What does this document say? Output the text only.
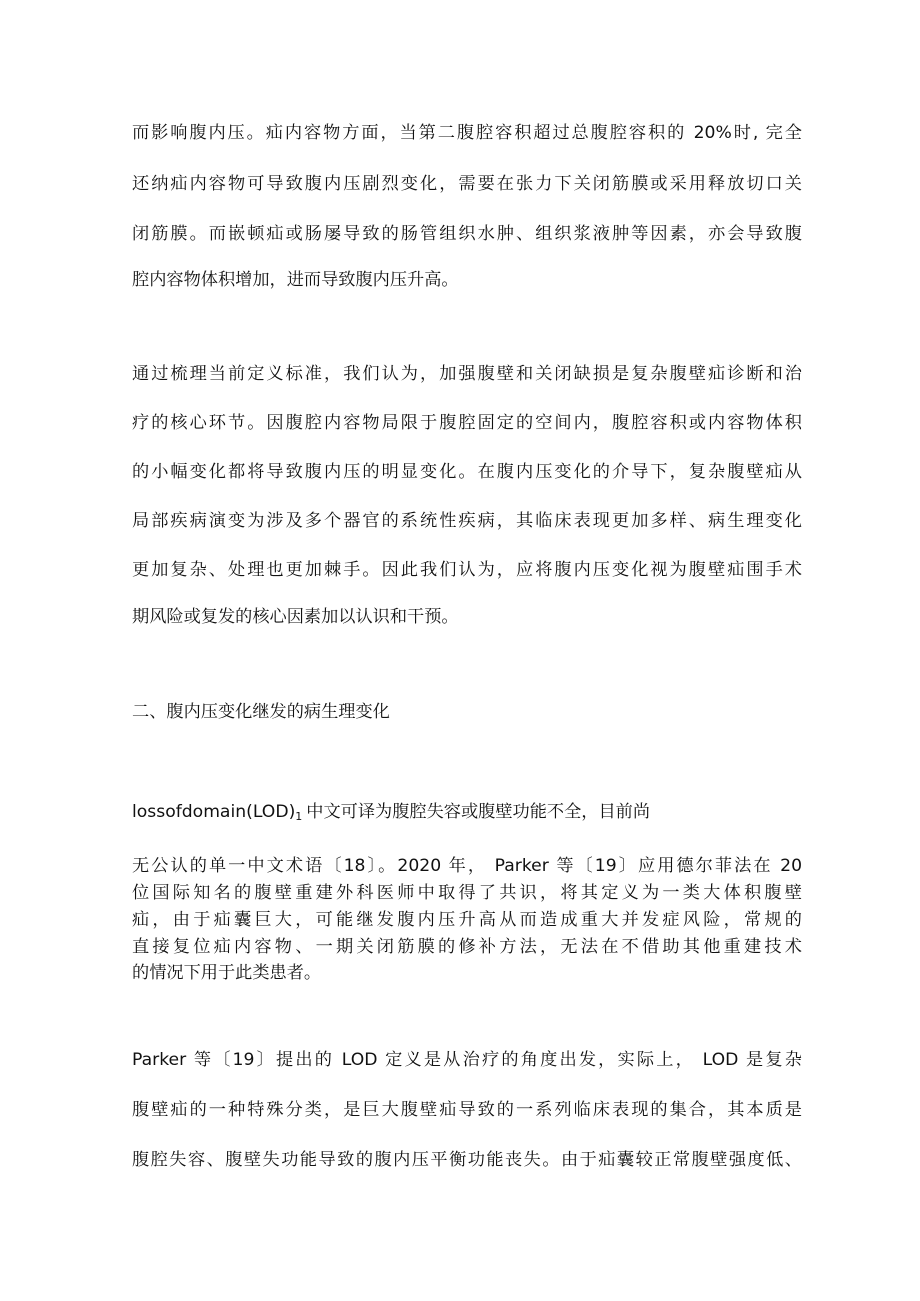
而影响腹内压。疝内容物方面，当第二腹腔容积超过总腹腔容积的 20%时, 完全
还纳疝内容物可导致腹内压剧烈变化，需要在张力下关闭筋膜或采用释放切口关
闭筋膜。而嵌顿疝或肠屡导致的肠管组织水肿、组织浆液肿等因素，亦会导致腹
腔内容物体积增加，进而导致腹内压升高。
通过梳理当前定义标准，我们认为，加强腹壁和关闭缺损是复杂腹壁疝诊断和治
疗的核心环节。因腹腔内容物局限于腹腔固定的空间内，腹腔容积或内容物体积
的小幅变化都将导致腹内压的明显变化。在腹内压变化的介导下，复杂腹壁疝从
局部疾病演变为涉及多个器官的系统性疾病，其临床表现更加多样、病生理变化
更加复杂、处理也更加棘手。因此我们认为，应将腹内压变化视为腹壁疝围手术
期风险或复发的核心因素加以认识和干预。
二、腹内压变化继发的病生理变化
$lossofdomain(LOD)_1$ 中文可译为腹腔失容或腹壁功能不全，目前尚
无公认的单一中文术语〔18〕。2020 年， Parker 等〔19〕应用德尔菲法在 20
位国际知名的腹壁重建外科医师中取得了共识，将其定义为一类大体积腹壁
疝，由于疝囊巨大，可能继发腹内压升高从而造成重大并发症风险，常规的
直接复位疝内容物、一期关闭筋膜的修补方法，无法在不借助其他重建技术
的情况下用于此类患者。
Parker 等〔19〕提出的 LOD 定义是从治疗的角度出发，实际上， LOD 是复杂
腹壁疝的一种特殊分类，是巨大腹壁疝导致的一系列临床表现的集合，其本质是
腹腔失容、腹壁失功能导致的腹内压平衡功能丧失。由于疝囊较正常腹壁强度低、
